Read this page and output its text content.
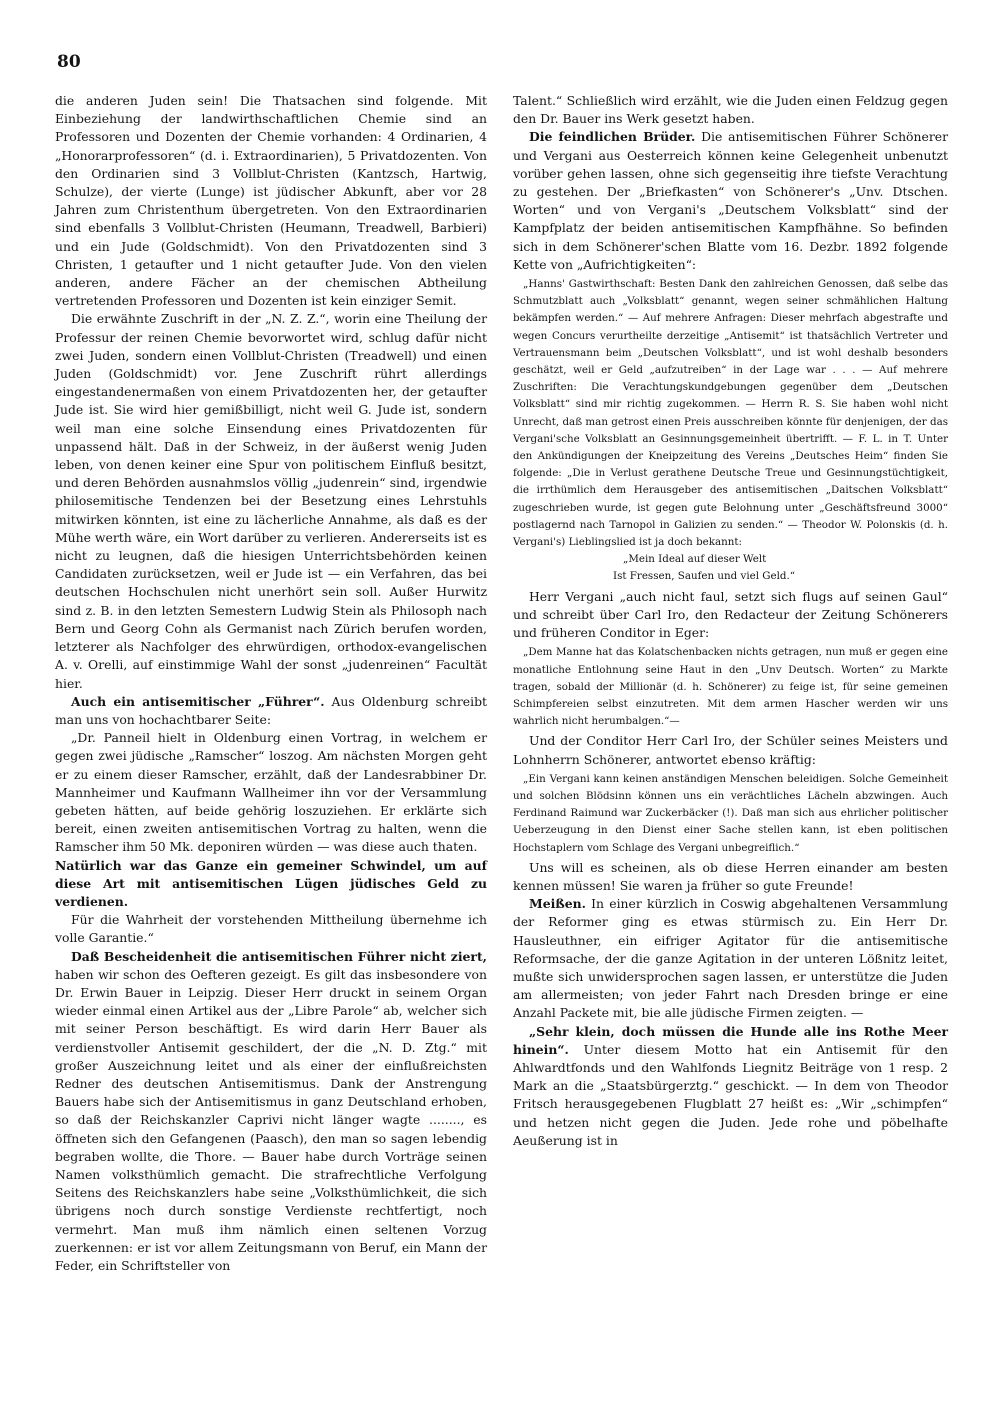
80

die anderen Juden sein! Die Thatsachen sind folgende. Mit Einbeziehung der landwirthschaftlichen Chemie sind an Professoren und Dozenten der Chemie vorhanden: 4 Ordinarien, 4 „Honorarprofessoren“ (d. i. Extraordinarien), 5 Privatdozenten. Von den Ordinarien sind 3 Vollblut-Christen (Kantzsch, Hartwig, Schulze), der vierte (Lunge) ist jüdischer Abkunft, aber vor 28 Jahren zum Christenthum übergetreten. Von den Extraordinarien sind ebenfalls 3 Vollblut-Christen (Heumann, Treadwell, Barbieri) und ein Jude (Goldschmidt). Von den Privatdozenten sind 3 Christen, 1 getaufter und 1 nicht getaufter Jude. Von den vielen anderen, andere Fächer an der chemischen Abtheilung vertretenden Professoren und Dozenten ist kein einziger Semit.

Die erwähnte Zuschrift in der „N. Z. Z.“, worin eine Theilung der Professur der reinen Chemie bevorwortet wird, schlug dafür nicht zwei Juden, sondern einen Vollblut-Christen (Treadwell) und einen Juden (Goldschmidt) vor. Jene Zuschrift rührt allerdings eingestandenermaßen von einem Privatdozenten her, der getaufter Jude ist. Sie wird hier gemißbilligt, nicht weil G. Jude ist, sondern weil man eine solche Einsendung eines Privatdozenten für unpassend hält. Daß in der Schweiz, in der äußerst wenig Juden leben, von denen keiner eine Spur von politischem Einfluß besitzt, und deren Behörden ausnahmslos völlig „judenrein“ sind, irgendwie philosemitische Tendenzen bei der Besetzung eines Lehrstuhls mitwirken könnten, ist eine zu lächerliche Annahme, als daß es der Mühe werth wäre, ein Wort darüber zu verlieren. Andererseits ist es nicht zu leugnen, daß die hiesigen Unterrichtsbehörden keinen Candidaten zurücksetzen, weil er Jude ist — ein Verfahren, das bei deutschen Hochschulen nicht unerhört sein soll. Außer Hurwitz sind z. B. in den letzten Semestern Ludwig Stein als Philosoph nach Bern und Georg Cohn als Germanist nach Zürich berufen worden, letzterer als Nachfolger des ehrwürdigen, orthodox-evangelischen A. v. Orelli, auf einstimmige Wahl der sonst „judenreinen“ Facultät hier.

Auch ein antisemitischer „Führer“. Aus Oldenburg schreibt man uns von hochachtbarer Seite:

„Dr. Panneil hielt in Oldenburg einen Vortrag, in welchem er gegen zwei jüdische „Ramscher“ loszog. Am nächsten Morgen geht er zu einem dieser Ramscher, erzählt, daß der Landesrabbiner Dr. Mannheimer und Kaufmann Wallheimer ihn vor der Versammlung gebeten hätten, auf beide gehörig loszuziehen. Er erklärte sich bereit, einen zweiten antisemitischen Vortrag zu halten, wenn die Ramscher ihm 50 Mk. deponiren würden — was diese auch thaten.

Natürlich war das Ganze ein gemeiner Schwindel, um auf diese Art mit antisemitischen Lügen jüdisches Geld zu verdienen.

Für die Wahrheit der vorstehenden Mittheilung übernehme ich volle Garantie.“

Daß Bescheidenheit die antisemitischen Führer nicht ziert, haben wir schon des Oefteren gezeigt. Es gilt das insbesondere von Dr. Erwin Bauer in Leipzig. Dieser Herr druckt in seinem Organ wieder einmal einen Artikel aus der „Libre Parole“ ab, welcher sich mit seiner Person beschäftigt. Es wird darin Herr Bauer als verdienstvoller Antisemit geschildert, der die „N. D. Ztg.“ mit großer Auszeichnung leitet und als einer der einflußreichsten Redner des deutschen Antisemitismus. Dank der Anstrengung Bauers habe sich der Antisemitismus in ganz Deutschland erhoben, so daß der Reichskanzler Caprivi nicht länger wagte ........, es öffneten sich den Gefangenen (Paasch), den man so sagen lebendig begraben wollte, die Thore. — Bauer habe durch Vorträge seinen Namen volksthümlich gemacht. Die strafrechtliche Verfolgung Seitens des Reichskanzlers habe seine „Volksthümlichkeit, die sich übrigens noch durch sonstige Verdienste rechtfertigt, noch vermehrt. Man muß ihm nämlich einen seltenen Vorzug zuerkennen: er ist vor allem Zeitungsmann von Beruf, ein Mann der Feder, ein Schriftsteller von

Talent.“ Schließlich wird erzählt, wie die Juden einen Feldzug gegen den Dr. Bauer ins Werk gesetzt haben.

Die feindlichen Brüder. Die antisemitischen Führer Schönerer und Vergani aus Oesterreich können keine Gelegenheit unbenutzt vorüber gehen lassen, ohne sich gegenseitig ihre tiefste Verachtung zu gestehen. Der „Briefkasten“ von Schönerer's „Unv. Dtschen. Worten“ und von Vergani's „Deutschem Volksblatt“ sind der Kampfplatz der beiden antisemitischen Kampfhähne. So befinden sich in dem Schönerer'schen Blatte vom 16. Dezbr. 1892 folgende Kette von „Aufrichtigkeiten“:

„Hanns' Gastwirthschaft: Besten Dank den zahlreichen Genossen, daß selbe das Schmutzblatt auch „Volksblatt“ genannt, wegen seiner schmählichen Haltung bekämpfen werden.“ — Auf mehrere Anfragen: Dieser mehrfach abgestrafte und wegen Concurs verurtheilte derzeitige „Antisemit“ ist thatsächlich Vertreter und Vertrauensmann beim „Deutschen Volksblatt“, und ist wohl deshalb besonders geschätzt, weil er Geld „aufzutreiben“ in der Lage war . . . — Auf mehrere Zuschriften: Die Verachtungskundgebungen gegenüber dem „Deutschen Volksblatt“ sind mir richtig zugekommen. — Herrn R. S. Sie haben wohl nicht Unrecht, daß man getrost einen Preis ausschreiben könnte für denjenigen, der das Vergani'sche Volksblatt an Gesinnungsgemeinheit übertrifft. — F. L. in T. Unter den Ankündigungen der Kneipzeitung des Vereins „Deutsches Heim“ finden Sie folgende: „Die in Verlust gerathene Deutsche Treue und Gesinnungstüchtigkeit, die irrthümlich dem Herausgeber des antisemitischen „Daitschen Volksblatt“ zugeschrieben wurde, ist gegen gute Belohnung unter „Geschäftsfreund 3000“ postlagernd nach Tarnopol in Galizien zu senden.“ — Theodor W. Polonskis (d. h. Vergani's) Lieblingslied ist ja doch bekannt:

„Mein Ideal auf dieser Welt

Ist Fressen, Saufen und viel Geld.“

Herr Vergani „auch nicht faul, setzt sich flugs auf seinen Gaul“ und schreibt über Carl Iro, den Redacteur der Zeitung Schönerers und früheren Conditor in Eger:

„Dem Manne hat das Kolatschenbacken nichts getragen, nun muß er gegen eine monatliche Entlohnung seine Haut in den „Unv Deutsch. Worten“ zu Markte tragen, sobald der Millionär (d. h. Schönerer) zu feige ist, für seine gemeinen Schimpfereien selbst einzutreten. Mit dem armen Hascher werden wir uns wahrlich nicht herumbalgen.“—

Und der Conditor Herr Carl Iro, der Schüler seines Meisters und Lohnherrn Schönerer, antwortet ebenso kräftig:

„Ein Vergani kann keinen anständigen Menschen beleidigen. Solche Gemeinheit und solchen Blödsinn können uns ein verächtliches Lächeln abzwingen. Auch Ferdinand Raimund war Zuckerbäcker (!). Daß man sich aus ehrlicher politischer Ueberzeugung in den Dienst einer Sache stellen kann, ist eben politischen Hochstaplern vom Schlage des Vergani unbegreiflich.“

Uns will es scheinen, als ob diese Herren einander am besten kennen müssen! Sie waren ja früher so gute Freunde!

Meißen. In einer kürzlich in Coswig abgehaltenen Versammlung der Reformer ging es etwas stürmisch zu. Ein Herr Dr. Hausleuthner, ein eifriger Agitator für die antisemitische Reformsache, der die ganze Agitation in der unteren Lößnitz leitet, mußte sich unwidersprochen sagen lassen, er unterstütze die Juden am allermeisten; von jeder Fahrt nach Dresden bringe er eine Anzahl Packete mit, bie alle jüdische Firmen zeigten. —

„Sehr klein, doch müssen die Hunde alle ins Rothe Meer hinein“. Unter diesem Motto hat ein Antisemit für den Ahlwardtfonds und den Wahlfonds Liegnitz Beiträge von 1 resp. 2 Mark an die „Staatsbürgerztg.“ geschickt. — In dem von Theodor Fritsch herausgegebenen Flugblatt 27 heißt es: „Wir „schimpfen“ und hetzen nicht gegen die Juden. Jede rohe und pöbelhafte Aeußerung ist in
